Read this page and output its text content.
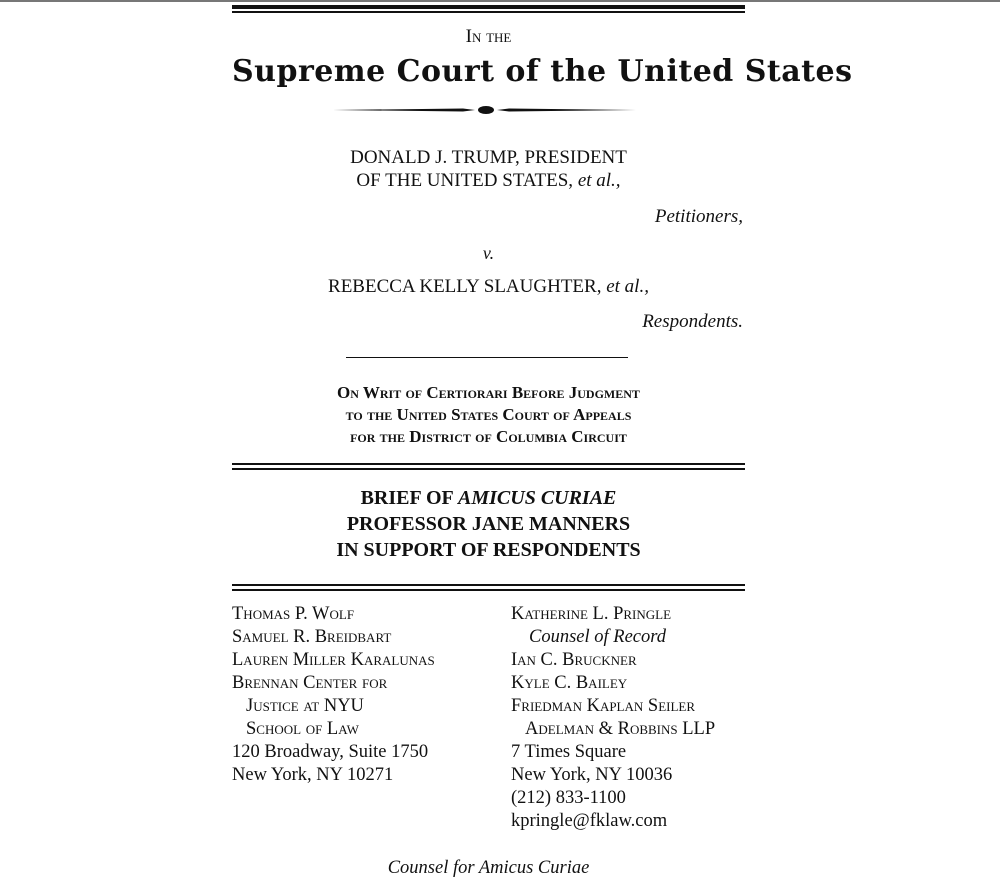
In the
Supreme Court of the United States
DONALD J. TRUMP, PRESIDENT
OF THE UNITED STATES, et al.,
Petitioners,
v.
REBECCA KELLY SLAUGHTER, et al.,
Respondents.
On Writ of Certiorari Before Judgment
to the United States Court of Appeals
for the District of Columbia Circuit
BRIEF OF AMICUS CURIAE
PROFESSOR JANE MANNERS
IN SUPPORT OF RESPONDENTS
Thomas P. Wolf
Samuel R. Breidbart
Lauren Miller Karalunas
Brennan Center for
Justice at NYU
School of Law
120 Broadway, Suite 1750
New York, NY 10271
Katherine L. Pringle
Counsel of Record
Ian C. Bruckner
Kyle C. Bailey
Friedman Kaplan Seiler
Adelman & Robbins LLP
7 Times Square
New York, NY 10036
(212) 833-1100
kpringle@fklaw.com
Counsel for Amicus Curiae
